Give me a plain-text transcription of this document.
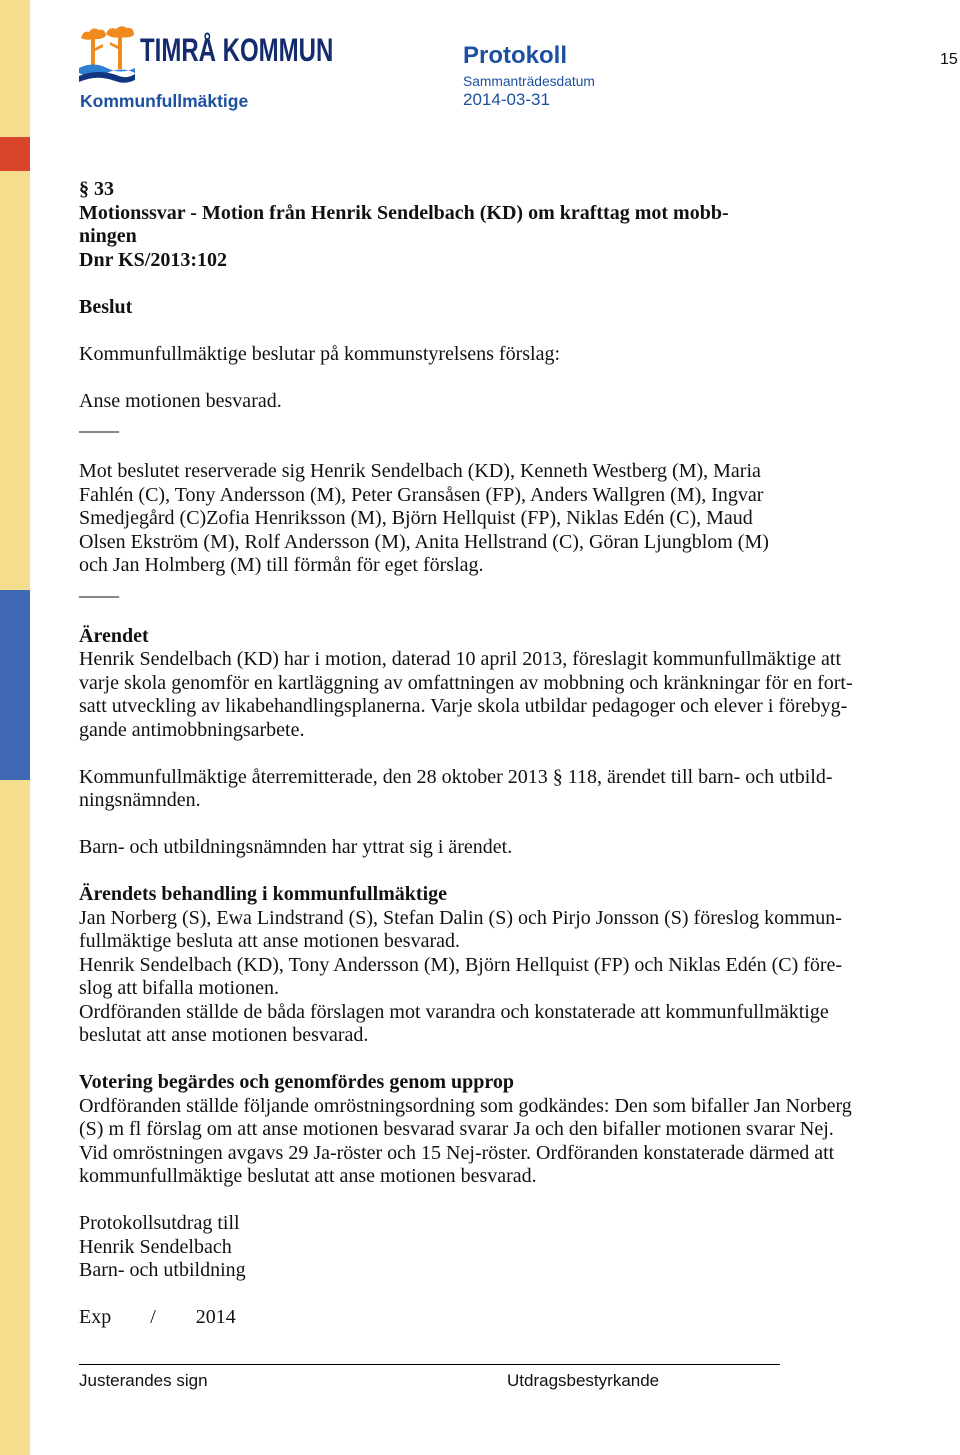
TIMRÅ KOMMUN
Kommunfullmäktige
Protokoll
Sammanträdesdatum
2014-03-31
15
§ 33
Motionssvar - Motion från Henrik Sendelbach (KD) om krafttag mot mobb-
ningen
Dnr KS/2013:102
Beslut
Kommunfullmäktige beslutar på kommunstyrelsens förslag:
Anse motionen besvarad.
____
Mot beslutet reserverade sig Henrik Sendelbach (KD), Kenneth Westberg (M), Maria
Fahlén (C), Tony Andersson (M), Peter Gransåsen (FP), Anders Wallgren (M), Ingvar
Smedjegård (C)Zofia Henriksson (M), Björn Hellquist (FP), Niklas Edén (C), Maud
Olsen Ekström (M), Rolf Andersson (M), Anita Hellstrand (C), Göran Ljungblom (M)
och Jan Holmberg (M) till förmån för eget förslag.
____
Ärendet
Henrik Sendelbach (KD) har i motion, daterad 10 april 2013, föreslagit kommunfullmäktige att
varje skola genomför en kartläggning av omfattningen av mobbning och kränkningar för en fort-
satt utveckling av likabehandlingsplanerna. Varje skola utbildar pedagoger och elever i förebyg-
gande antimobbningsarbete.
Kommunfullmäktige återremitterade, den 28 oktober 2013 § 118, ärendet till barn- och utbild-
ningsnämnden.
Barn- och utbildningsnämnden har yttrat sig i ärendet.
Ärendets behandling i kommunfullmäktige
Jan Norberg (S), Ewa Lindstrand (S), Stefan Dalin (S) och Pirjo Jonsson (S) föreslog kommun-
fullmäktige besluta att anse motionen besvarad.
Henrik Sendelbach (KD), Tony Andersson (M), Björn Hellquist (FP) och Niklas Edén (C) före-
slog att bifalla motionen.
Ordföranden ställde de båda förslagen mot varandra och konstaterade att kommunfullmäktige
beslutat att anse motionen besvarad.
Votering begärdes och genomfördes genom upprop
Ordföranden ställde följande omröstningsordning som godkändes: Den som bifaller Jan Norberg
(S) m fl förslag om att anse motionen besvarad svarar Ja och den bifaller motionen svarar Nej.
Vid omröstningen avgavs 29 Ja-röster och 15 Nej-röster. Ordföranden konstaterade därmed att
kommunfullmäktige beslutat att anse motionen besvarad.
Protokollsutdrag till
Henrik Sendelbach
Barn- och utbildning
Exp / 2014
Justerandes sign	Utdragsbestyrkande
